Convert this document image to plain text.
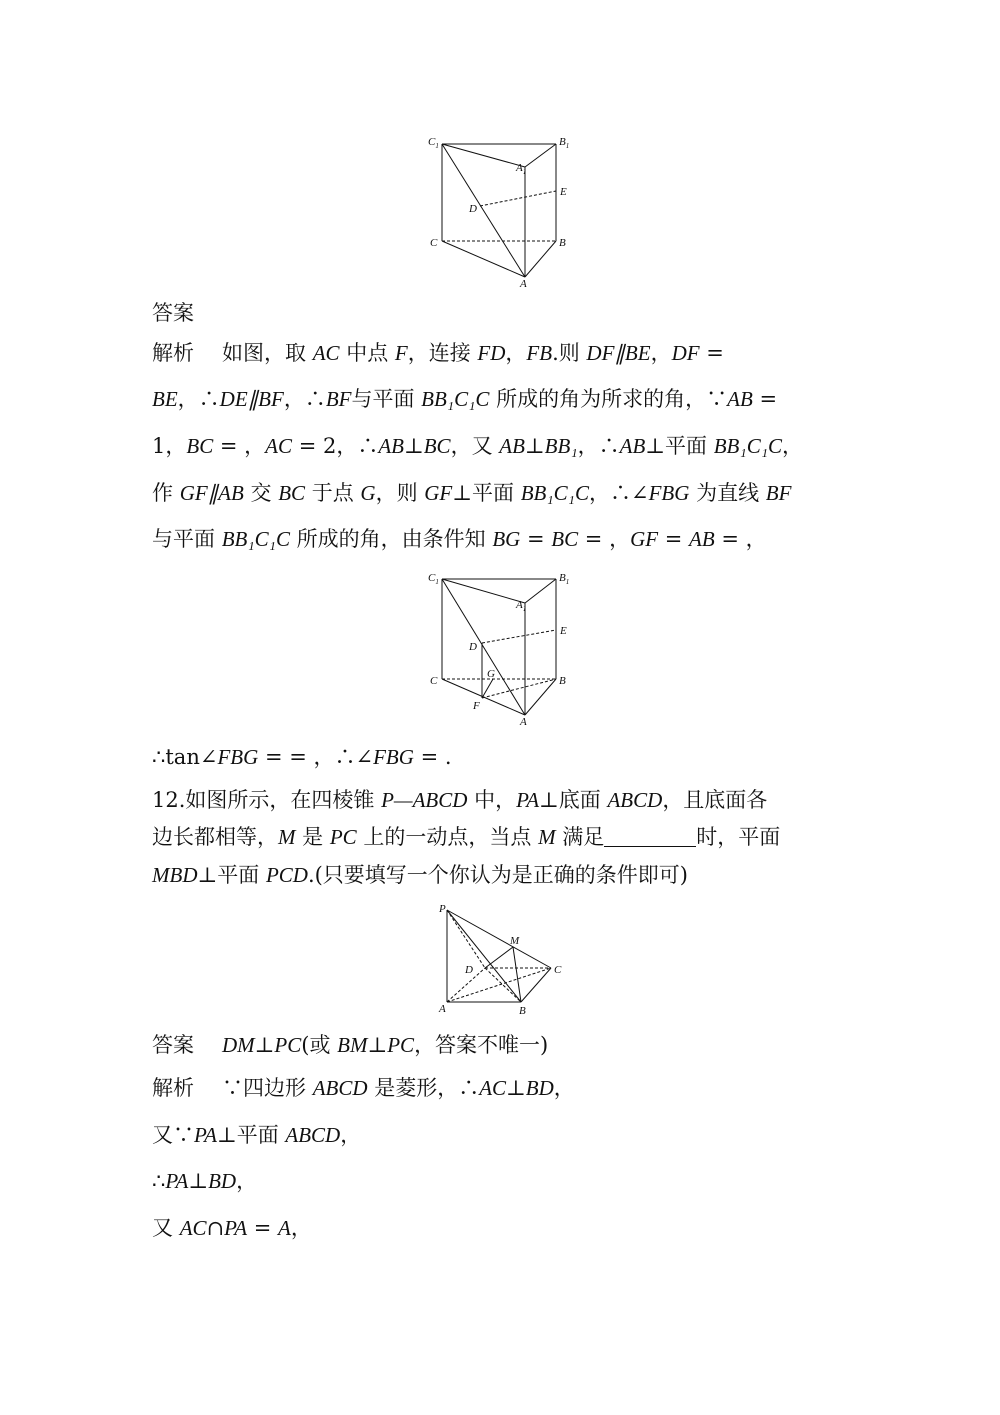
$C_1$	$B_1$
$A_1$
E
D
C	B
A
答案
解析 如图，取 AC 中点 F，连接 FD，FB.则 DF∥BE，DF =
BE，∴DE∥BF，∴BF与平面 BB₁C₁C 所成的角为所求的角，∵AB =
1，BC = ，AC = 2，∴AB⊥BC，又 AB⊥BB₁，∴AB⊥平面 BB₁C₁C，
作 GF∥AB 交 BC 于点 G，则 GF⊥平面 BB₁C₁C，∴∠FBG 为直线 BF
与平面 BB₁C₁C 所成的角，由条件知 BG = BC = ，GF = AB = ，
$C_1$	$B_1$
$A_1$
E
D
G
C	B
F
A
∴tan∠FBG = = ，∴∠FBG = .
12.如图所示，在四棱锥 P—ABCD 中，PA⊥底面 ABCD，且底面各
边长都相等，M 是 PC 上的一动点，当点 M 满足	时，平面
MBD⊥平面 PCD.(只要填写一个你认为是正确的条件即可)
P
M
D	C
A	B
答案 DM⊥PC(或 BM⊥PC，答案不唯一)
解析 ∵四边形 ABCD 是菱形，∴AC⊥BD，
又∵PA⊥平面 ABCD，
∴PA⊥BD，
又 AC∩PA = A，
